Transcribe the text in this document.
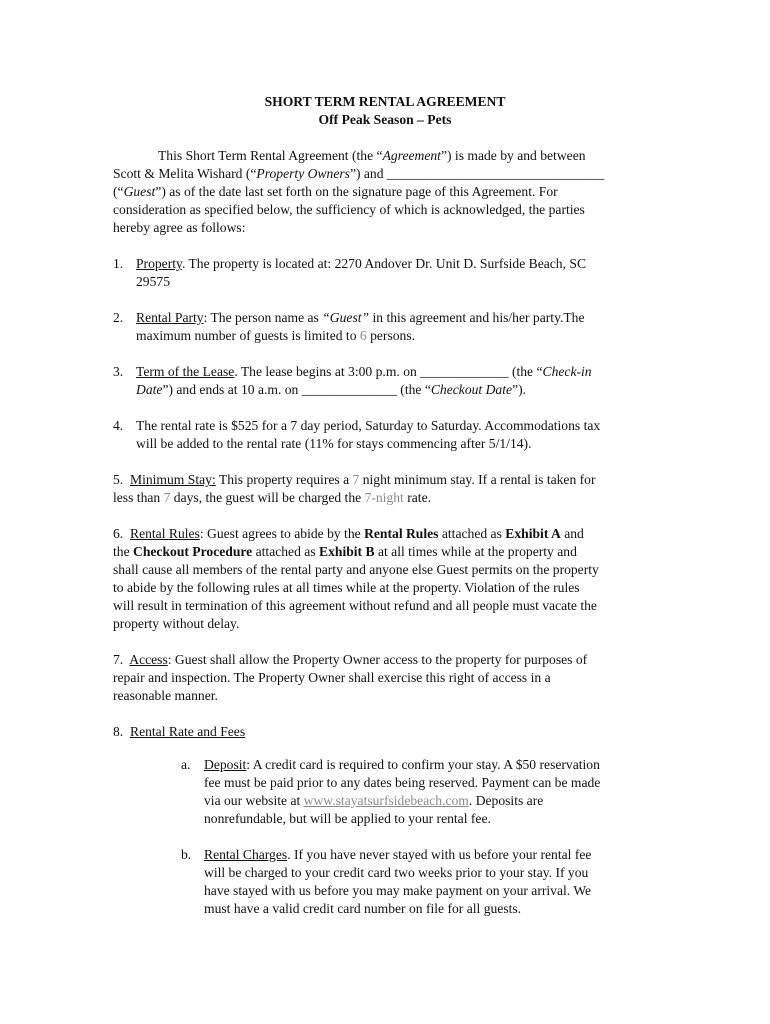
SHORT TERM RENTAL AGREEMENT
Off Peak Season – Pets
This Short Term Rental Agreement (the “Agreement”) is made by and between
Scott & Melita Wishard (“Property Owners”) and ________________________________
(“Guest”) as of the date last set forth on the signature page of this Agreement. For
consideration as specified below, the sufficiency of which is acknowledged, the parties
hereby agree as follows:
1. Property. The property is located at: 2270 Andover Dr. Unit D. Surfside Beach, SC
29575
2. Rental Party: The person name as “Guest” in this agreement and his/her party.The
maximum number of guests is limited to 6 persons.
3. Term of the Lease. The lease begins at 3:00 p.m. on _____________ (the “Check-in
Date”) and ends at 10 a.m. on ______________ (the “Checkout Date”).
4. The rental rate is $525 for a 7 day period, Saturday to Saturday. Accommodations tax
will be added to the rental rate (11% for stays commencing after 5/1/14).
5. Minimum Stay: This property requires a 7 night minimum stay. If a rental is taken for
less than 7 days, the guest will be charged the 7-night rate.
6. Rental Rules: Guest agrees to abide by the Rental Rules attached as Exhibit A and
the Checkout Procedure attached as Exhibit B at all times while at the property and
shall cause all members of the rental party and anyone else Guest permits on the property
to abide by the following rules at all times while at the property. Violation of the rules
will result in termination of this agreement without refund and all people must vacate the
property without delay.
7. Access: Guest shall allow the Property Owner access to the property for purposes of
repair and inspection. The Property Owner shall exercise this right of access in a
reasonable manner.
8. Rental Rate and Fees
a. Deposit: A credit card is required to confirm your stay. A $50 reservation
fee must be paid prior to any dates being reserved. Payment can be made
via our website at www.stayatsurfsidebeach.com. Deposits are
nonrefundable, but will be applied to your rental fee.
b. Rental Charges. If you have never stayed with us before your rental fee
will be charged to your credit card two weeks prior to your stay. If you
have stayed with us before you may make payment on your arrival. We
must have a valid credit card number on file for all guests.
